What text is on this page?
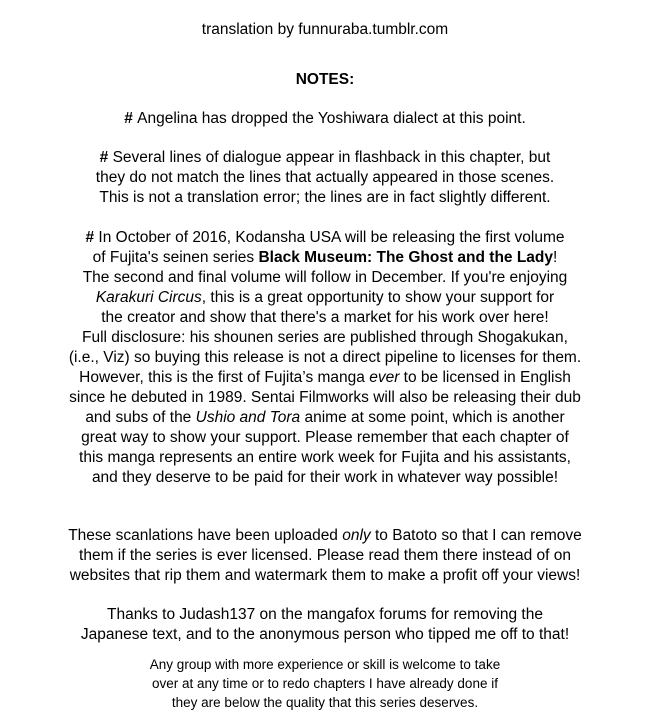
translation by funnuraba.tumblr.com
NOTES:
# Angelina has dropped the Yoshiwara dialect at this point.
# Several lines of dialogue appear in flashback in this chapter, but
they do not match the lines that actually appeared in those scenes.
This is not a translation error; the lines are in fact slightly different.
# In October of 2016, Kodansha USA will be releasing the first volume
of Fujita's seinen series Black Museum: The Ghost and the Lady!
The second and final volume will follow in December. If you're enjoying
Karakuri Circus, this is a great opportunity to show your support for
the creator and show that there's a market for his work over here!
Full disclosure: his shounen series are published through Shogakukan,
(i.e., Viz) so buying this release is not a direct pipeline to licenses for them.
However, this is the first of Fujita’s manga ever to be licensed in English
since he debuted in 1989. Sentai Filmworks will also be releasing their dub
and subs of the Ushio and Tora anime at some point, which is another
great way to show your support. Please remember that each chapter of
this manga represents an entire work week for Fujita and his assistants,
and they deserve to be paid for their work in whatever way possible!
These scanlations have been uploaded only to Batoto so that I can remove
them if the series is ever licensed. Please read them there instead of on
websites that rip them and watermark them to make a profit off your views!
Thanks to Judash137 on the mangafox forums for removing the
Japanese text, and to the anonymous person who tipped me off to that!
Any group with more experience or skill is welcome to take
over at any time or to redo chapters I have already done if
they are below the quality that this series deserves.
